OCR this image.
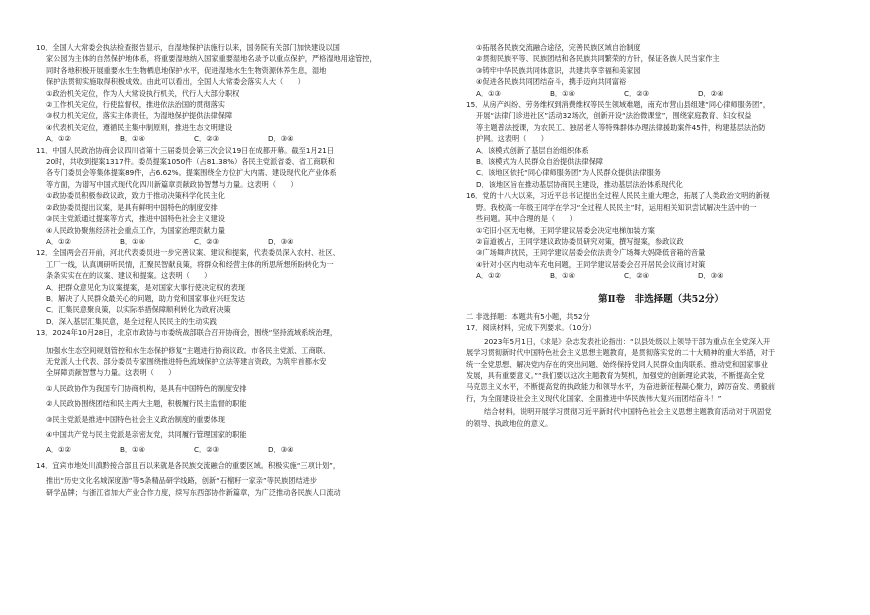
10．全国人大常委会执法检查报告显示，自湿地保护法施行以来，国务院有关部门加快建设以国

家公园为主体的自然保护地体系，将重要湿地纳入国家重要湿地名录予以重点保护，严格湿地用途管控，

同时各地积极开展重要水生生物栖息地保护水平，促进湿地水生生物资源休养生息，湿地

保护法贯彻实施取得积极成效。由此可以看出，全国人大常委会落实人大（　　）

①政治机关定位，作为人大常设执行机关，代行人大部分职权

②工作机关定位，行使监督权，推进依法治国的贯彻落实

③权力机关定位，落实主体责任，为湿地保护提供法律保障

④代表机关定位，遵循民主集中制原则，推进生态文明建设

A．①②	B．①④	C．②③	D．③④

11．中国人民政治协商会议四川省第十三届委员会第三次会议19日在成都开幕。截至1月21日

20时，共收到提案1317件。委员提案1050件（占81.38%）各民主党派省委、省工商联和

各专门委员会等集体提案89件，占6.62%。提案围绕全方位扩大内需、建设现代化产业体系

等方面，为谱写中国式现代化四川新篇章贡献政协智慧与力量。这表明（　　）

①政协委员积极参政议政，致力于推动决策科学化民主化

②政协委员提出议案，是具有鲜明中国特色的制度安排

③民主党派通过提案等方式，推进中国特色社会主义建设

④人民政协聚焦经济社会重点工作，为国家治理贡献力量

A．①②	B．①④	C．②③	D．③④

12．全国两会召开前，河北代表委员进一步完善议案、建议和提案，代表委员深入农村、社区、

工厂一线，认真调研听民情，汇聚民智献良策，将群众和经营主体的所思所想所盼转化为一

条条实实在在的议案、建议和提案。这表明（　　）

A．把群众意见化为议案提案，是对国家大事行使决定权的表现

B．解决了人民群众最关心的问题，助力党和国家事业兴旺发达

C．汇集民意聚良策，以实际举措保障顺利转化为政府决策

D．深入基层汇集民意，是全过程人民民主的生动实践

13．2024年10月28日，北京市政协与市委统战部联合召开协商会，围绕“坚持流域系统治理，

加强水生态空间规划管控和水生态保护修复”主题进行协商议政。市各民主党派、工商联、

无党派人士代表、部分委员专家围绕推进特色流域保护立法等建言资政，为筑牢首都水安

全屏障贡献智慧与力量。这表明（　　）

①人民政协作为我国专门协商机构，是具有中国特色的制度安排

②人民政协围绕团结和民主两大主题，积极履行民主监督的职能

③民主党派是推进中国特色社会主义政治制度的重要体现

④中国共产党与民主党派是亲密友党，共同履行管理国家的职能

A．①②	B．①④	C．②③	D．③④

14．宜宾市地处川滇黔接合部且百以来就是各民族交流融合的重要区域。积极实施“三项计划”，

推出“历史文化名城深度游”等5条精品研学线路，创新“石榴籽一家亲”等民族团结进步

研学品牌；与浙江省加大产业合作力度，续写东西部协作新篇章，为广泛推动各民族人口流动

①拓展各民族交流融合途径，完善民族区域自治制度

②贯彻民族平等、民族团结和各民族共同繁荣的方针，保证各族人民当家作主

③铸牢中华民族共同体意识，共建共享幸福和美家园

④促进各民族共同团结奋斗，携手迈向共同富裕

A．①③	B．①④	C．②③	D．②④

15．从房产纠纷、劳务维权到消费维权等民生领域难题，南充市营山县组建“同心律师服务团”，

开展“法律门诊进社区”活动32场次，创新开设“法治微课堂”，围绕家庭教育、妇女权益

等主题普法授课，为农民工、独居老人等特殊群体办理法律援助案件45件，构建基层法治防

护网。这表明（　　）

A．该模式创新了基层自治组织体系

B．该模式为人民群众自治提供法律保障

C．该地区依托“同心律师服务团”为人民群众提供法律服务

D．该地区旨在推动基层协商民主建设，推动基层法治体系现代化

16．党的十八大以来，习近平总书记提出全过程人民民主重大理念，拓展了人类政治文明的新视

野。我校高一年级王同学在学习“全过程人民民主”时，运用相关知识尝试解决生活中的一

些问题。其中合理的是（　　）

①宅旧小区无电梯，王同学建议居委会决定电梯加装方案

②盲道被占，王同学建议政协委员研究对策，撰写提案，参政议政

③广场舞声扰民，王同学建议居委会依法责令广场舞大妈降低音箱的音量

④针对小区内电动车充电问题，王同学建议居委会召开居民会议商讨对策

A．①②	B．①④	C．②④	D．③④
第Ⅱ卷　非选择题（共52分）

二 非选择题：本题共有5小题，共52分

17．阅读材料，完成下列要求。（10分）

2023年5月1日，《求是》杂志发表社论指出：“以县处级以上领导干部为重点在全党深入开

展学习贯彻新时代中国特色社会主义思想主题教育，是贯彻落实党的二十大精神的重大举措，对于

统一全党思想、解决党内存在的突出问题、始终保持党同人民群众血肉联系、推动党和国家事业

发展，具有重要意义。”“我们要以这次主题教育为契机，加强党的创新理论武装，不断提高全党

马克思主义水平，不断提高党的执政能力和领导水平，为奋进新征程凝心聚力，踔厉奋发、勇毅前

行，为全面建设社会主义现代化国家、全面推进中华民族伟大复兴而团结奋斗！”

结合材料，说明开展学习贯彻习近平新时代中国特色社会主义思想主题教育活动对于巩固党

的领导、执政地位的意义。
